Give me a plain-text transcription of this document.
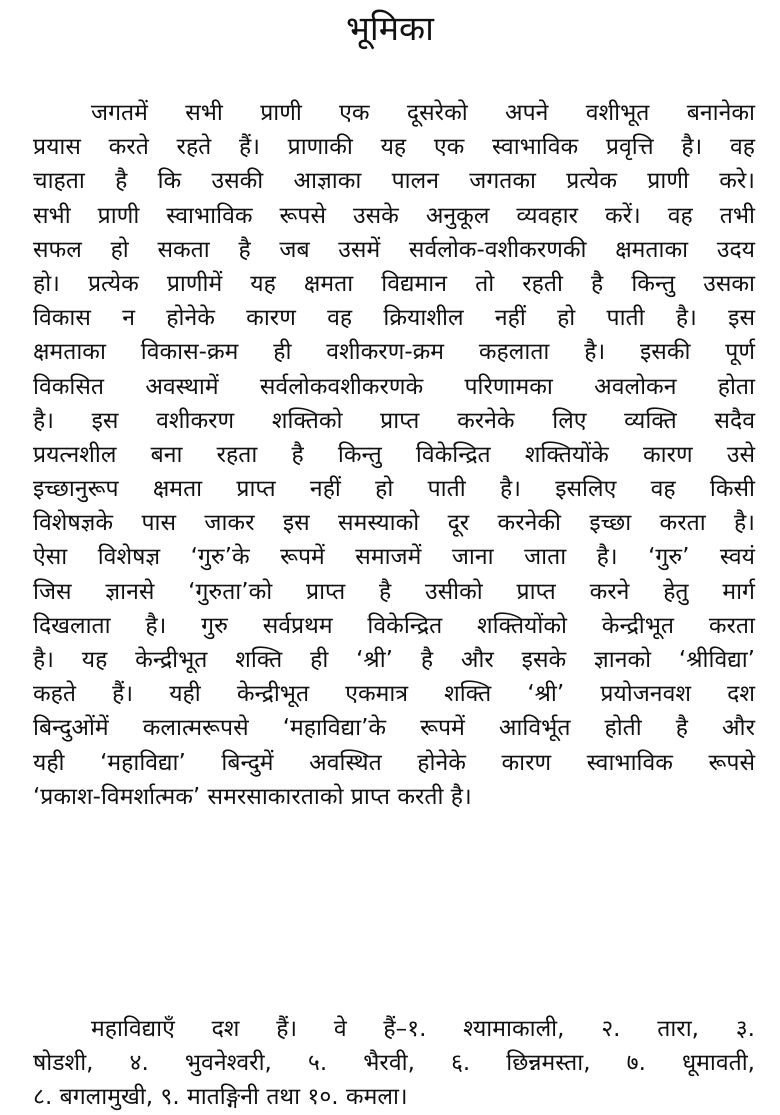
भूमिका
जगतमें सभी प्राणी एक दूसरेको अपने वशीभूत बनानेका
प्रयास करते रहते हैं। प्राणाकी यह एक स्वाभाविक प्रवृत्ति है। वह
चाहता है कि उसकी आज्ञाका पालन जगतका प्रत्येक प्राणी करे।
सभी प्राणी स्वाभाविक रूपसे उसके अनुकूल व्यवहार करें। वह तभी
सफल हो सकता है जब उसमें सर्वलोक-वशीकरणकी क्षमताका उदय
हो। प्रत्येक प्राणीमें यह क्षमता विद्यमान तो रहती है किन्तु उसका
विकास न होनेके कारण वह क्रियाशील नहीं हो पाती है। इस
क्षमताका विकास-क्रम ही वशीकरण-क्रम कहलाता है। इसकी पूर्ण
विकसित अवस्थामें सर्वलोकवशीकरणके परिणामका अवलोकन होता
है। इस वशीकरण शक्तिको प्राप्त करनेके लिए व्यक्ति सदैव
प्रयत्नशील बना रहता है किन्तु विकेन्द्रित शक्तियोंके कारण उसे
इच्छानुरूप क्षमता प्राप्त नहीं हो पाती है। इसलिए वह किसी
विशेषज्ञके पास जाकर इस समस्याको दूर करनेकी इच्छा करता है।
ऐसा विशेषज्ञ ‘गुरु’के रूपमें समाजमें जाना जाता है। ‘गुरु’ स्वयं
जिस ज्ञानसे ‘गुरुता’को प्राप्त है उसीको प्राप्त करने हेतु मार्ग
दिखलाता है। गुरु सर्वप्रथम विकेन्द्रित शक्तियोंको केन्द्रीभूत करता
है। यह केन्द्रीभूत शक्ति ही ‘श्री’ है और इसके ज्ञानको ‘श्रीविद्या’
कहते हैं। यही केन्द्रीभूत एकमात्र शक्ति ‘श्री’ प्रयोजनवश दश
बिन्दुओंमें कलात्मरूपसे ‘महाविद्या’के रूपमें आविर्भूत होती है और
यही ‘महाविद्या’ बिन्दुमें अवस्थित होनेके कारण स्वाभाविक रूपसे
‘प्रकाश-विमर्शात्मक’ समरसाकारताको प्राप्त करती है।
महाविद्याएँ दश हैं। वे हैं–१. श्यामाकाली, २. तारा, ३.
षोडशी, ४. भुवनेश्वरी, ५. भैरवी, ६. छिन्नमस्ता, ७. धूमावती,
८. बगलामुखी, ९. मातङ्गिनी तथा १०. कमला।
